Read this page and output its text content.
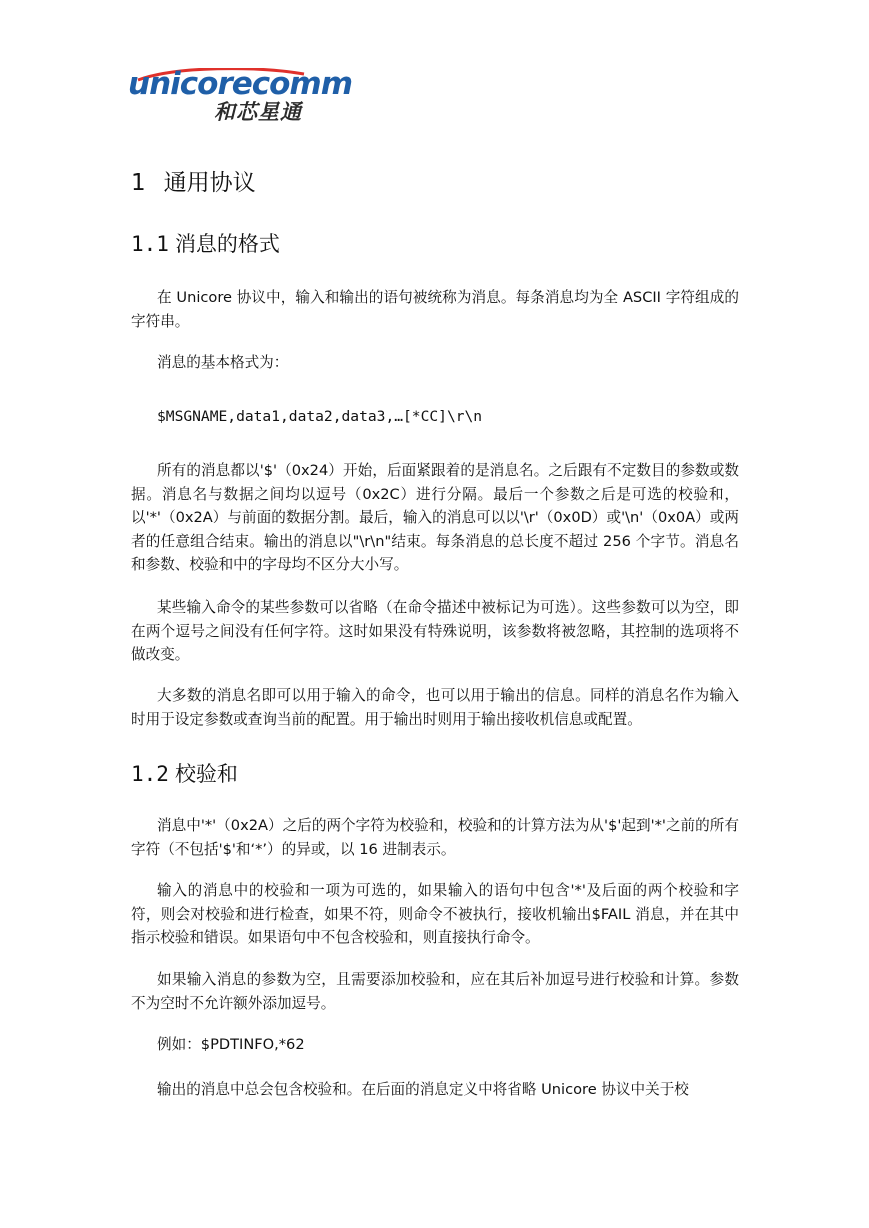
unicorecomm
和芯星通
1 通用协议
1.1 消息的格式

在 Unicore 协议中，输入和输出的语句被统称为消息。每条消息均为全 ASCII 字符组成的字符串。

消息的基本格式为：

$MSGNAME,data1,data2,data3,…[*CC]\r\n

所有的消息都以'$'（0x24）开始，后面紧跟着的是消息名。之后跟有不定数目的参数或数据。消息名与数据之间均以逗号（0x2C）进行分隔。最后一个参数之后是可选的校验和，以'*'（0x2A）与前面的数据分割。最后，输入的消息可以以'\r'（0x0D）或'\n'（0x0A）或两者的任意组合结束。输出的消息以"\r\n"结束。每条消息的总长度不超过 256 个字节。消息名和参数、校验和中的字母均不区分大小写。

某些输入命令的某些参数可以省略（在命令描述中被标记为可选）。这些参数可以为空，即在两个逗号之间没有任何字符。这时如果没有特殊说明，该参数将被忽略，其控制的选项将不做改变。

大多数的消息名即可以用于输入的命令，也可以用于输出的信息。同样的消息名作为输入时用于设定参数或查询当前的配置。用于输出时则用于输出接收机信息或配置。

1.2 校验和

消息中'*'（0x2A）之后的两个字符为校验和，校验和的计算方法为从'$'起到'*'之前的所有字符（不包括'$'和‘*’）的异或，以 16 进制表示。

输入的消息中的校验和一项为可选的，如果输入的语句中包含'*'及后面的两个校验和字符，则会对校验和进行检查，如果不符，则命令不被执行，接收机输出$FAIL 消息，并在其中指示校验和错误。如果语句中不包含校验和，则直接执行命令。

如果输入消息的参数为空，且需要添加校验和，应在其后补加逗号进行校验和计算。参数不为空时不允许额外添加逗号。

例如：$PDTINFO,*62

输出的消息中总会包含校验和。在后面的消息定义中将省略 Unicore 协议中关于校
